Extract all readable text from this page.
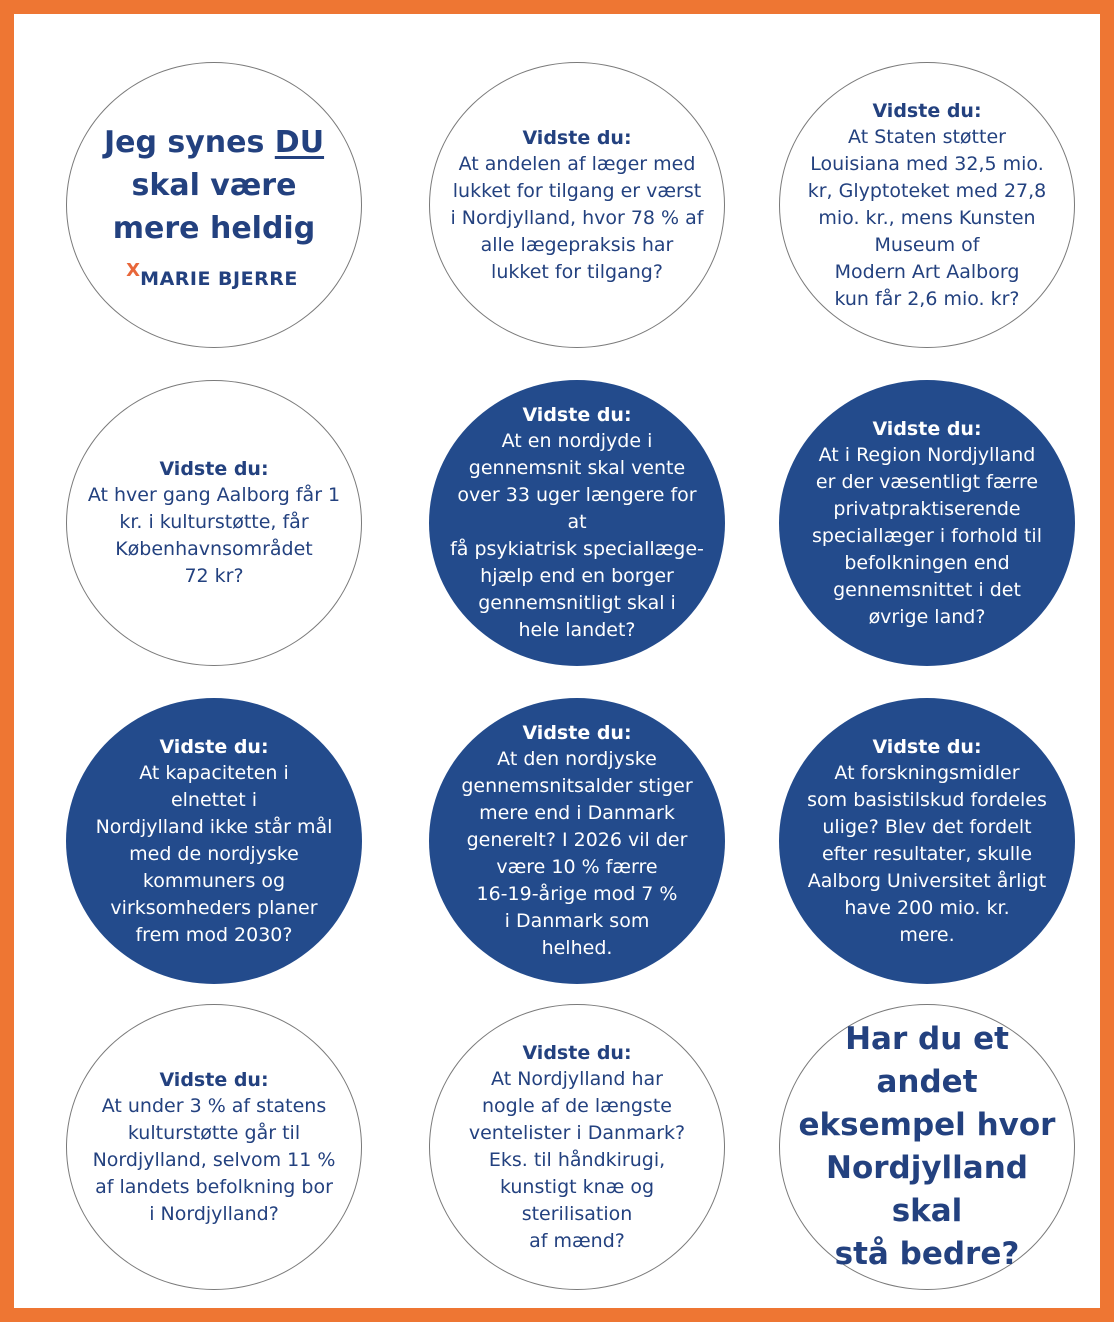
Jeg synes DU
skal være mere heldig
X MARIE BJERRE
Vidste du:
At andelen af læger med
lukket for tilgang er værst
i Nordjylland, hvor 78 % af
alle lægepraksis har
lukket for tilgang?
Vidste du:
At Staten støtter
Louisiana med 32,5 mio.
kr, Glyptoteket med 27,8
mio. kr., mens Kunsten
Museum of
Modern Art Aalborg
kun får 2,6 mio. kr?
Vidste du:
At hver gang Aalborg får 1
kr. i kulturstøtte, får
Københavnsområdet
72 kr?
Vidste du:
At en nordjyde i
gennemsnit skal vente
over 33 uger længere for at
få psykiatrisk speciallæge-
hjælp end en borger
gennemsnitligt skal i
hele landet?
Vidste du:
At i Region Nordjylland
er der væsentligt færre
privatpraktiserende
speciallæger i forhold til
befolkningen end
gennemsnittet i det
øvrige land?
Vidste du:
At kapaciteten i
elnettet i
Nordjylland ikke står mål
med de nordjyske
kommuners og
virksomheders planer
frem mod 2030?
Vidste du:
At den nordjyske
gennemsnitsalder stiger
mere end i Danmark
generelt? I 2026 vil der
være 10 % færre
16-19-årige mod 7 %
i Danmark som
helhed.
Vidste du:
At forskningsmidler
som basistilskud fordeles
ulige? Blev det fordelt
efter resultater, skulle
Aalborg Universitet årligt
have 200 mio. kr.
mere.
Vidste du:
At under 3 % af statens
kulturstøtte går til
Nordjylland, selvom 11 %
af landets befolkning bor
i Nordjylland?
Vidste du:
At Nordjylland har
nogle af de længste
ventelister i Danmark?
Eks. til håndkirugi,
kunstigt knæ og
sterilisation
af mænd?
Har du et andet
eksempel hvor
Nordjylland skal
stå bedre?
